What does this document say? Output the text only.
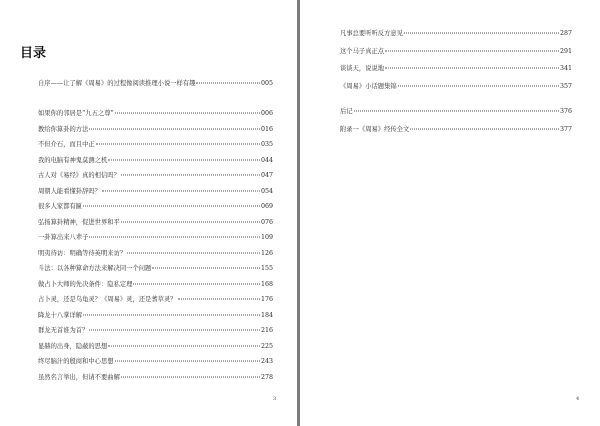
目录
自序——让了解《周易》的过程像阅读推理小说一样有趣	005
如果你的邻居是“九五之尊”	006
教给你算卦的方法	016
不但介石，而且中正	035
我的电脑有神鬼莫测之机	044
古人对《易经》真的相信吗？	047
周朝人能看懂卦辞吗？	054
很多人家都有匾	069
弘扬算卦精神，促进世界和平	076
一卦算出来八辈子	109
明夷待访：明确等待英明来访？	126
斗法：以各种算命方法来解决同一个问题	155
做占卜大师的先决条件：隐私定理	168
占卜灵，还是乌龟灵？《周易》灵，还是蓍草灵？	176
降龙十八掌详解	184
群龙无首谁为首？	216
显赫的出身，隐蔽的思想	225
终尽脑汁的殷商和中心思想	243
虽然名言举出，但请不要曲解	278
3
凡事总要听听反方意见	287
这个马子真正点	291
谈谈天，说说地	341
《周易》小话题集锦	357
后记	376
附录一《周易》经传全文	377
4
